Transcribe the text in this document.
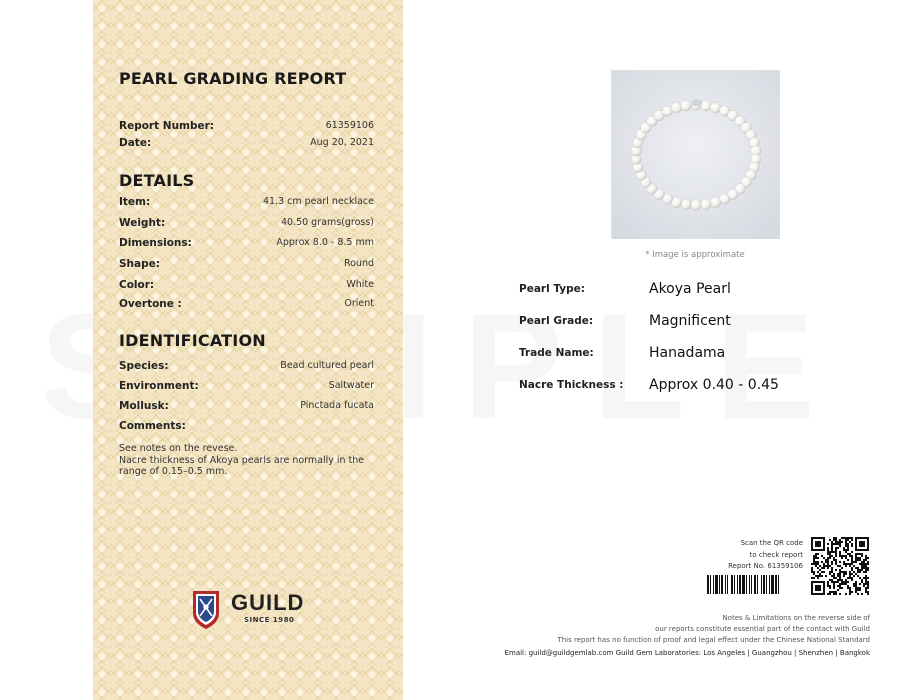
PEARL GRADING REPORT
Report Number:	61359106
Date:	Aug 20, 2021
DETAILS
Item:	41.3 cm pearl necklace
Weight:	40.50 grams(gross)
Dimensions:	Approx 8.0 - 8.5 mm
Shape:	Round
Color:	White
Overtone :	Orient
IDENTIFICATION
Species:	Bead cultured pearl
Environment:	Saltwater
Mollusk:	Pinctada fucata
Comments:
See notes on the revese.
Nacre thickness of Akoya pearls are normally in the
range of 0.15–0.5 mm.
GUILD
SINCE 1980
* Image is approximate
Pearl Type:	Akoya Pearl
Pearl Grade:	Magnificent
Trade Name:	Hanadama
Nacre Thickness : Approx 0.40 - 0.45
Scan the QR code
to check report
Report No. 61359106
Notes & Limitations on the reverse side of
our reports constitute essential part of the contact with Guild
This report has no function of proof and legal effect under the Chinese National Standard
Email: guild@guildgemlab.com Guild Gem Laboratories: Los Angeles | Guangzhou | Shenzhen | Bangkok
